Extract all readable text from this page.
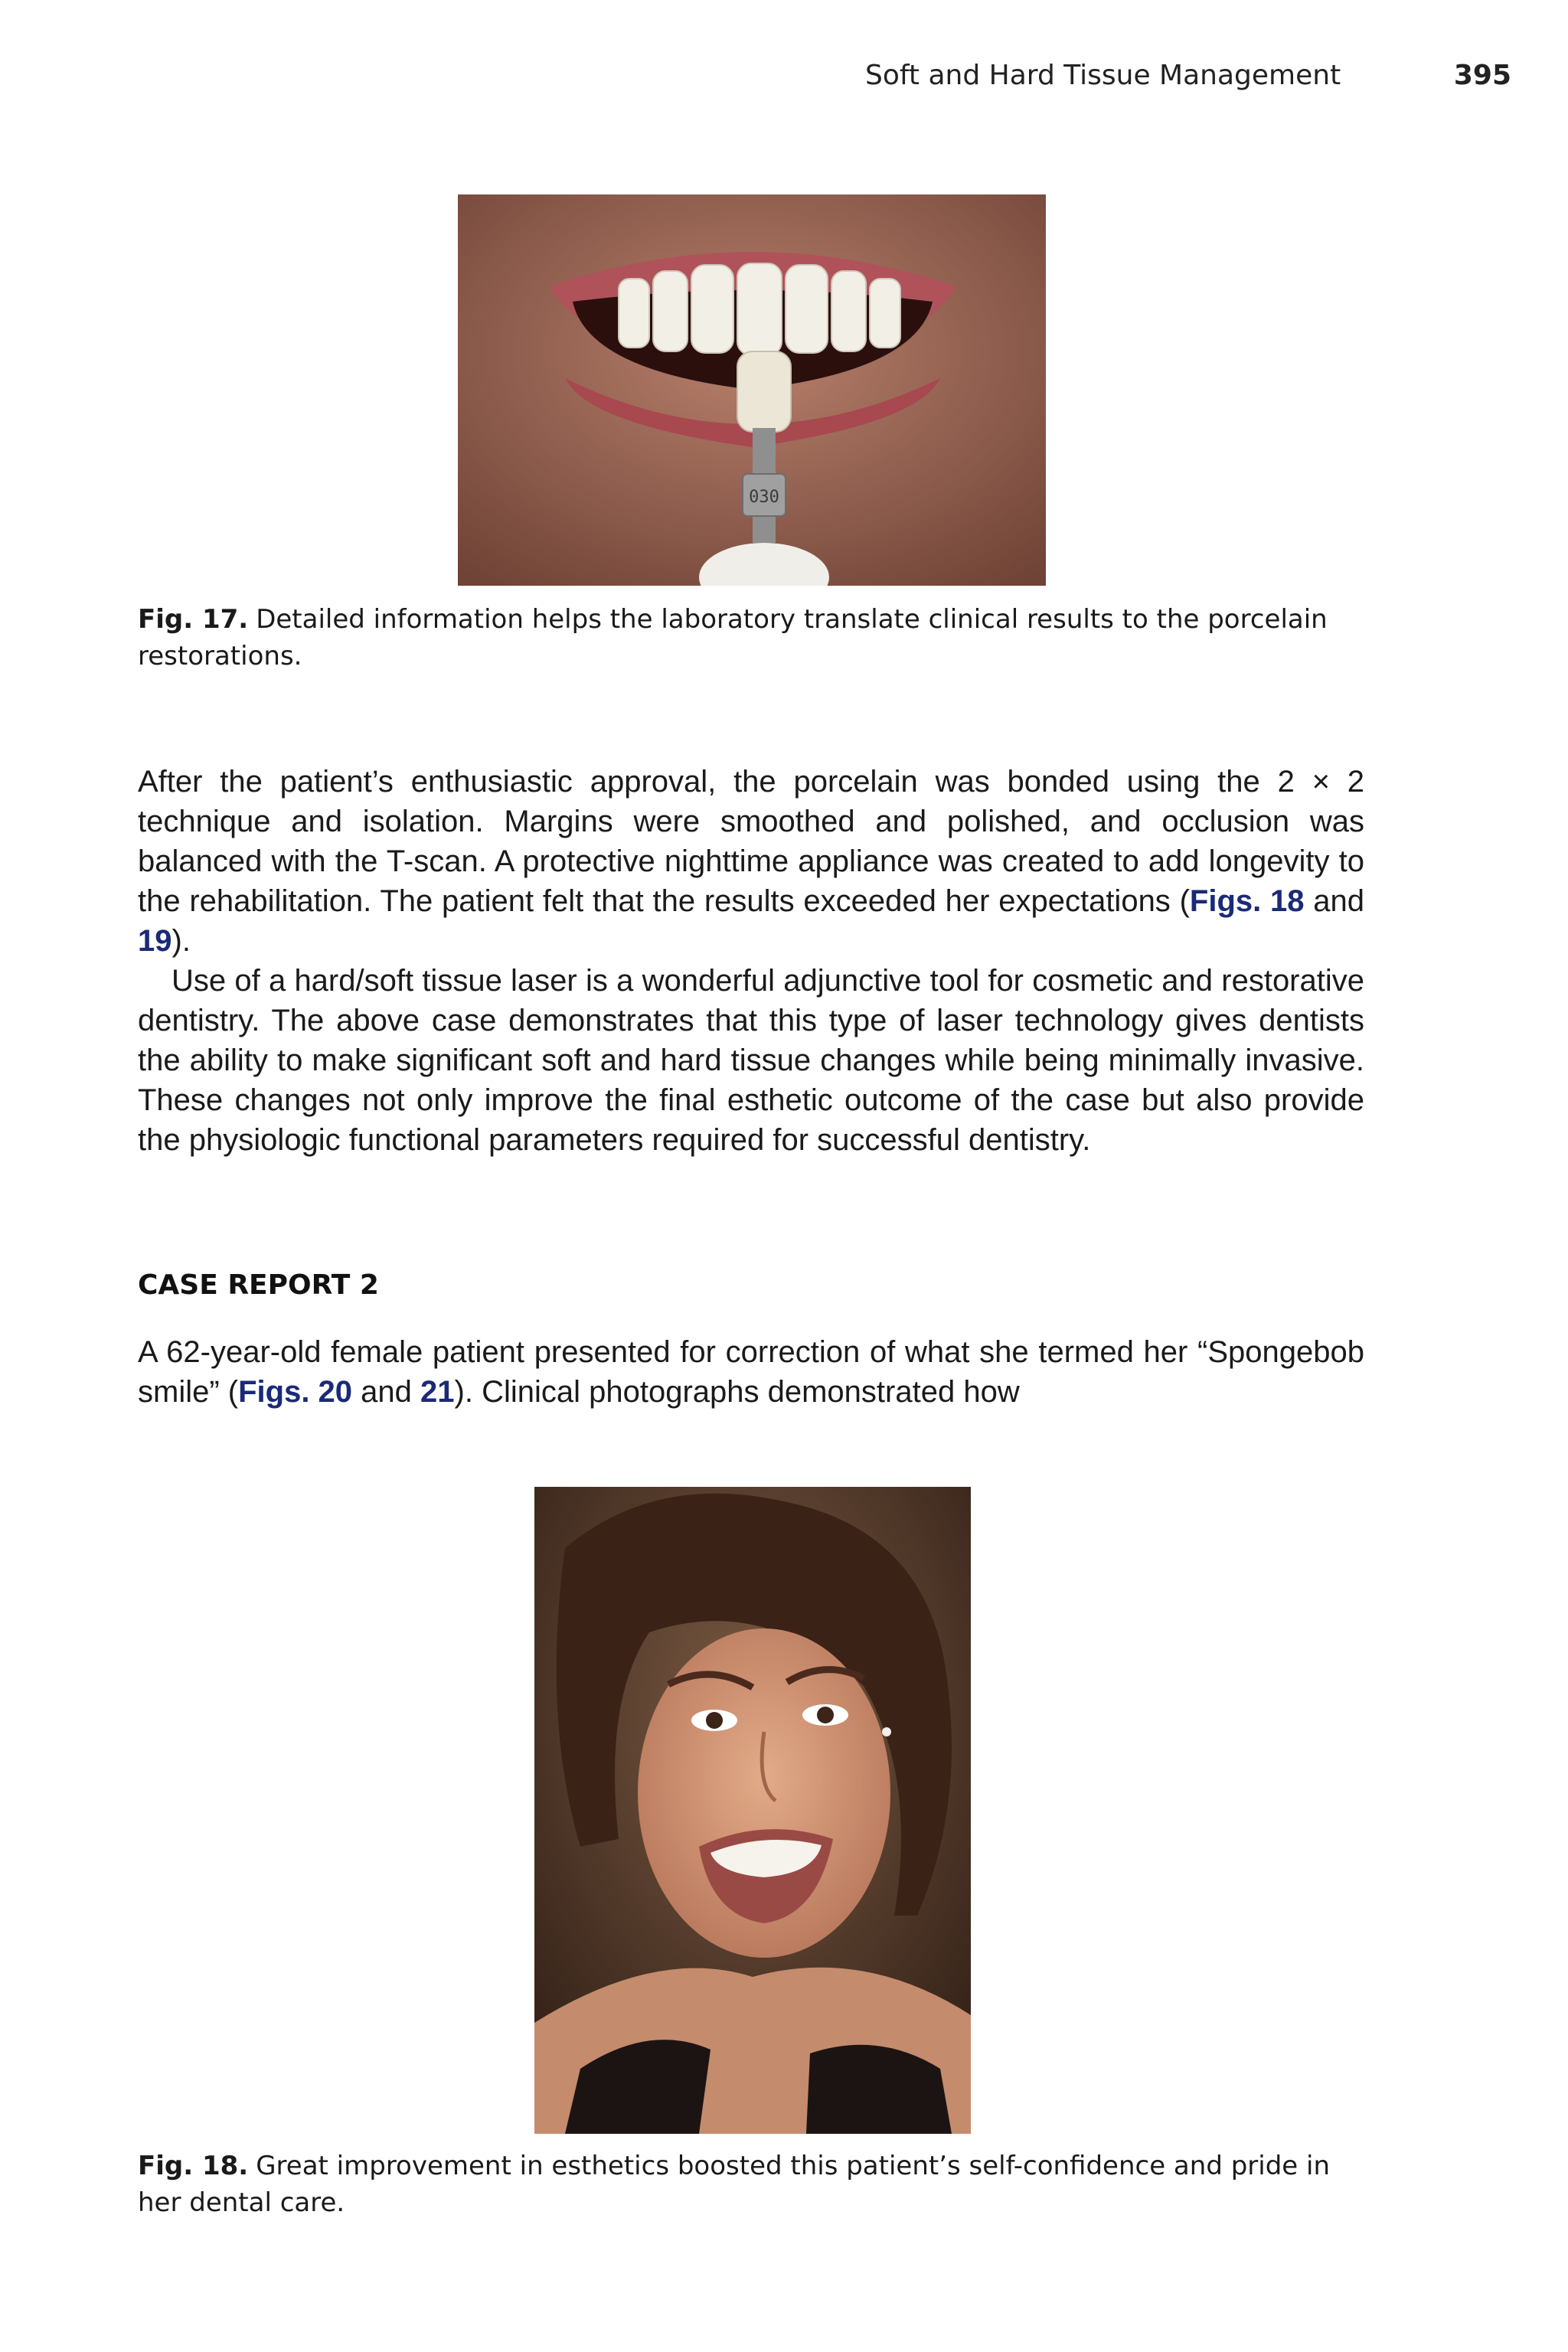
Soft and Hard Tissue Management	395
030
Fig. 17. Detailed information helps the laboratory translate clinical results to the porcelain restorations.

After the patient’s enthusiastic approval, the porcelain was bonded using the 2 × 2 technique and isolation. Margins were smoothed and polished, and occlusion was balanced with the T-scan. A protective nighttime appliance was created to add longevity to the rehabilitation. The patient felt that the results exceeded her expectations (Figs. 18 and 19).

Use of a hard/soft tissue laser is a wonderful adjunctive tool for cosmetic and restorative dentistry. The above case demonstrates that this type of laser technology gives dentists the ability to make significant soft and hard tissue changes while being minimally invasive. These changes not only improve the final esthetic outcome of the case but also provide the physiologic functional parameters required for successful dentistry.

CASE REPORT 2

A 62-year-old female patient presented for correction of what she termed her “Spongebob smile” (Figs. 20 and 21). Clinical photographs demonstrated how

Fig. 18. Great improvement in esthetics boosted this patient’s self-confidence and pride in her dental care.
